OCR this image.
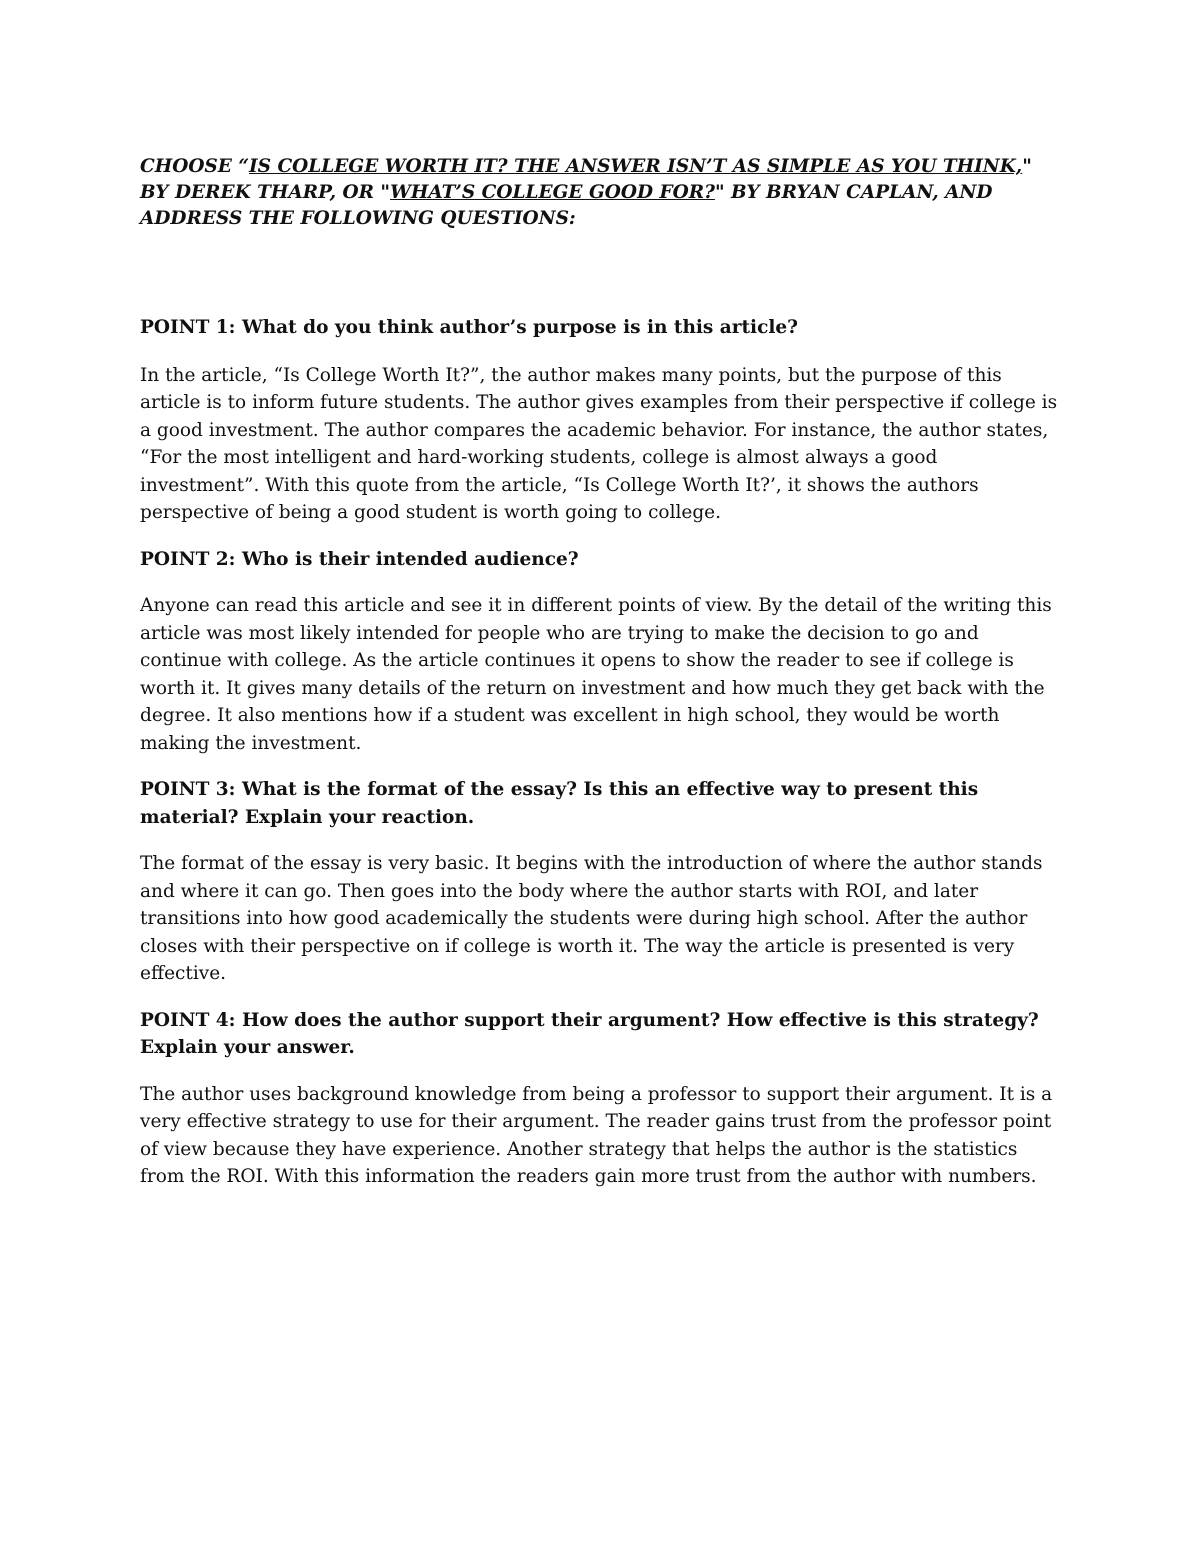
CHOOSE “IS COLLEGE WORTH IT? THE ANSWER ISN’T AS SIMPLE AS YOU THINK," BY DEREK THARP, OR "WHAT’S COLLEGE GOOD FOR?" BY BRYAN CAPLAN, AND ADDRESS THE FOLLOWING QUESTIONS:

POINT 1: What do you think author’s purpose is in this article?

In the article, “Is College Worth It?”, the author makes many points, but the purpose of this article is to inform future students. The author gives examples from their perspective if college is a good investment. The author compares the academic behavior. For instance, the author states, “For the most intelligent and hard-working students, college is almost always a good investment”. With this quote from the article, “Is College Worth It?’, it shows the authors perspective of being a good student is worth going to college.

POINT 2: Who is their intended audience?

Anyone can read this article and see it in different points of view. By the detail of the writing this article was most likely intended for people who are trying to make the decision to go and continue with college. As the article continues it opens to show the reader to see if college is worth it. It gives many details of the return on investment and how much they get back with the degree. It also mentions how if a student was excellent in high school, they would be worth making the investment.

POINT 3: What is the format of the essay? Is this an effective way to present this material? Explain your reaction.

The format of the essay is very basic. It begins with the introduction of where the author stands and where it can go. Then goes into the body where the author starts with ROI, and later transitions into how good academically the students were during high school. After the author closes with their perspective on if college is worth it. The way the article is presented is very effective.

POINT 4: How does the author support their argument? How effective is this strategy? Explain your answer.

The author uses background knowledge from being a professor to support their argument. It is a very effective strategy to use for their argument. The reader gains trust from the professor point of view because they have experience. Another strategy that helps the author is the statistics from the ROI. With this information the readers gain more trust from the author with numbers.
